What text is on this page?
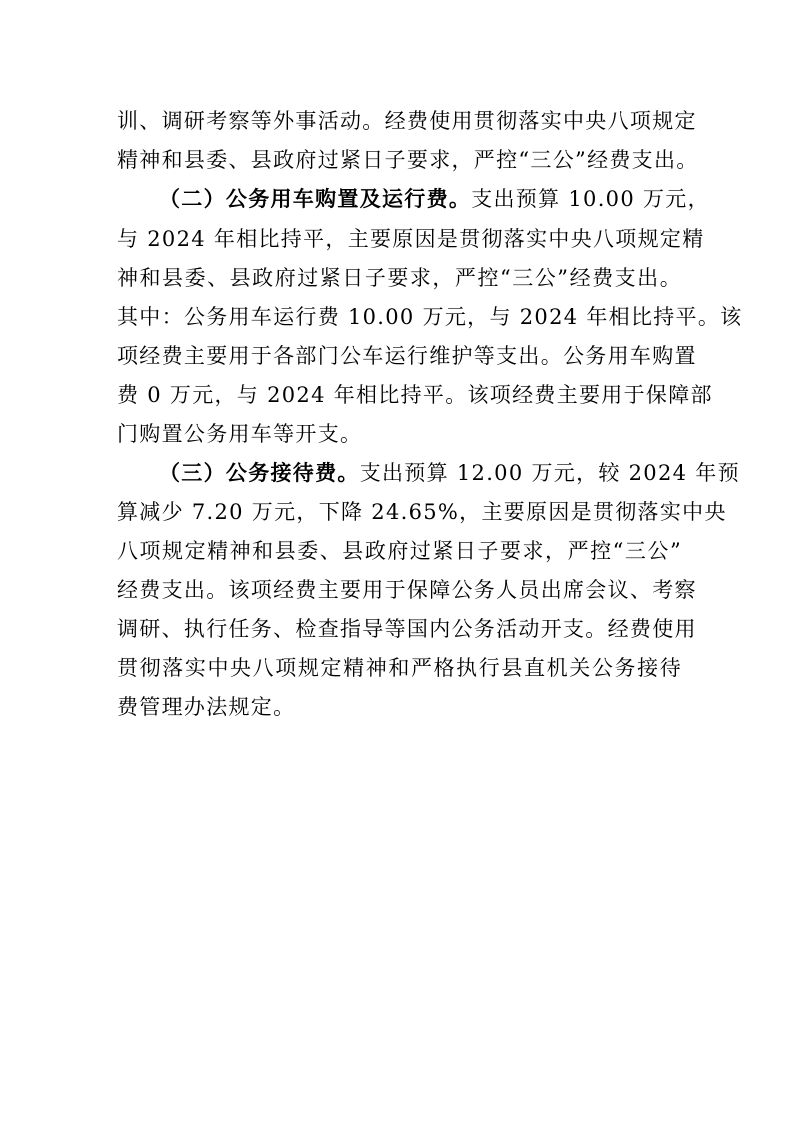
训、调研考察等外事活动。经费使用贯彻落实中央八项规定
精神和县委、县政府过紧日子要求，严控“三公”经费支出。
（二）公务用车购置及运行费。支出预算 10.00 万元，
与 2024 年相比持平，主要原因是贯彻落实中央八项规定精
神和县委、县政府过紧日子要求，严控“三公”经费支出。
其中：公务用车运行费 10.00 万元，与 2024 年相比持平。该
项经费主要用于各部门公车运行维护等支出。公务用车购置
费 0 万元，与 2024 年相比持平。该项经费主要用于保障部
门购置公务用车等开支。
（三）公务接待费。支出预算 12.00 万元，较 2024 年预
算减少 7.20 万元，下降 24.65%，主要原因是贯彻落实中央
八项规定精神和县委、县政府过紧日子要求，严控“三公”
经费支出。该项经费主要用于保障公务人员出席会议、考察
调研、执行任务、检查指导等国内公务活动开支。经费使用
贯彻落实中央八项规定精神和严格执行县直机关公务接待
费管理办法规定。
